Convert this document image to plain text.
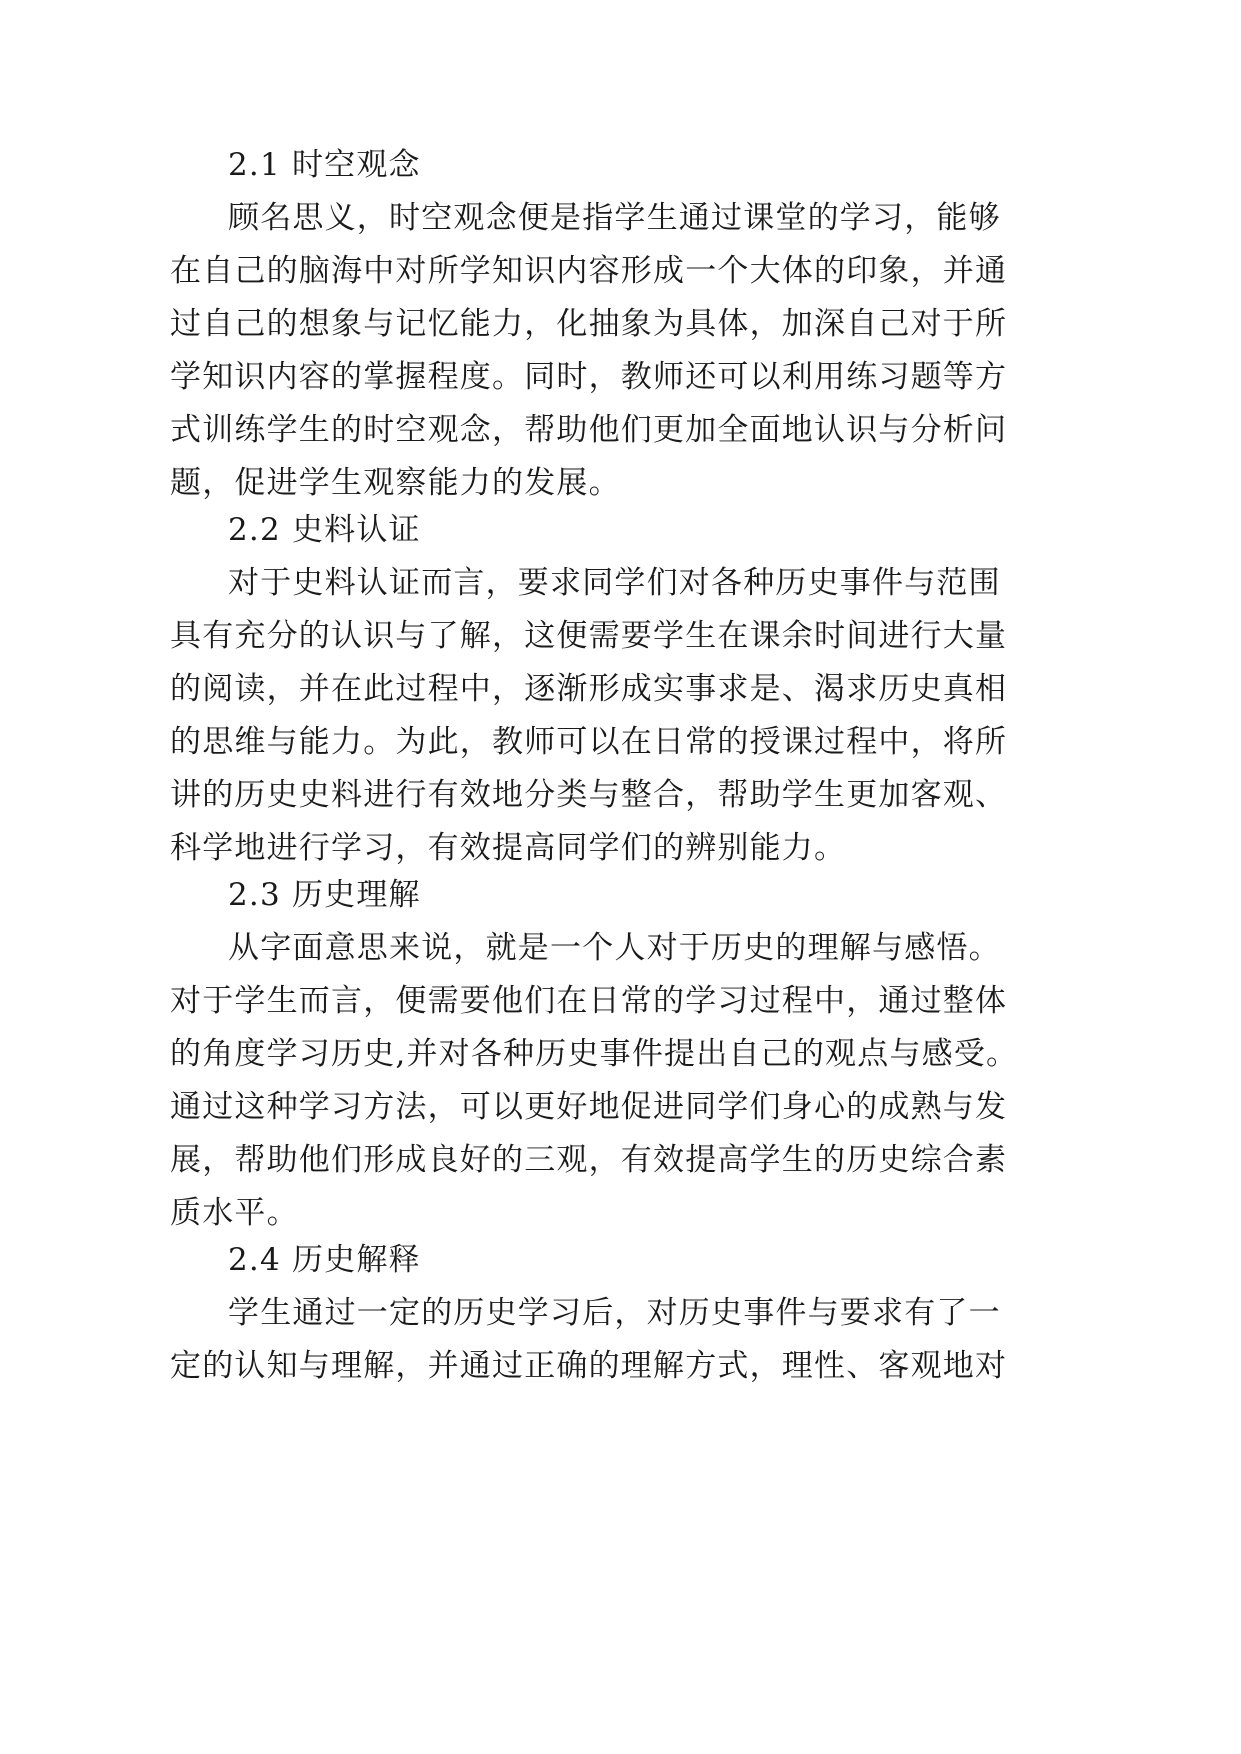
2.1 时空观念
顾名思义，时空观念便是指学生通过课堂的学习，能够
在自己的脑海中对所学知识内容形成一个大体的印象，并通
过自己的想象与记忆能力，化抽象为具体，加深自己对于所
学知识内容的掌握程度。同时，教师还可以利用练习题等方
式训练学生的时空观念，帮助他们更加全面地认识与分析问
题，促进学生观察能力的发展。
2.2 史料认证
对于史料认证而言，要求同学们对各种历史事件与范围
具有充分的认识与了解，这便需要学生在课余时间进行大量
的阅读，并在此过程中，逐渐形成实事求是、渴求历史真相
的思维与能力。为此，教师可以在日常的授课过程中，将所
讲的历史史料进行有效地分类与整合，帮助学生更加客观、
科学地进行学习，有效提高同学们的辨别能力。
2.3 历史理解
从字面意思来说，就是一个人对于历史的理解与感悟。
对于学生而言，便需要他们在日常的学习过程中，通过整体
的角度学习历史,并对各种历史事件提出自己的观点与感受。
通过这种学习方法，可以更好地促进同学们身心的成熟与发
展，帮助他们形成良好的三观，有效提高学生的历史综合素
质水平。
2.4 历史解释
学生通过一定的历史学习后，对历史事件与要求有了一
定的认知与理解，并通过正确的理解方式，理性、客观地对
